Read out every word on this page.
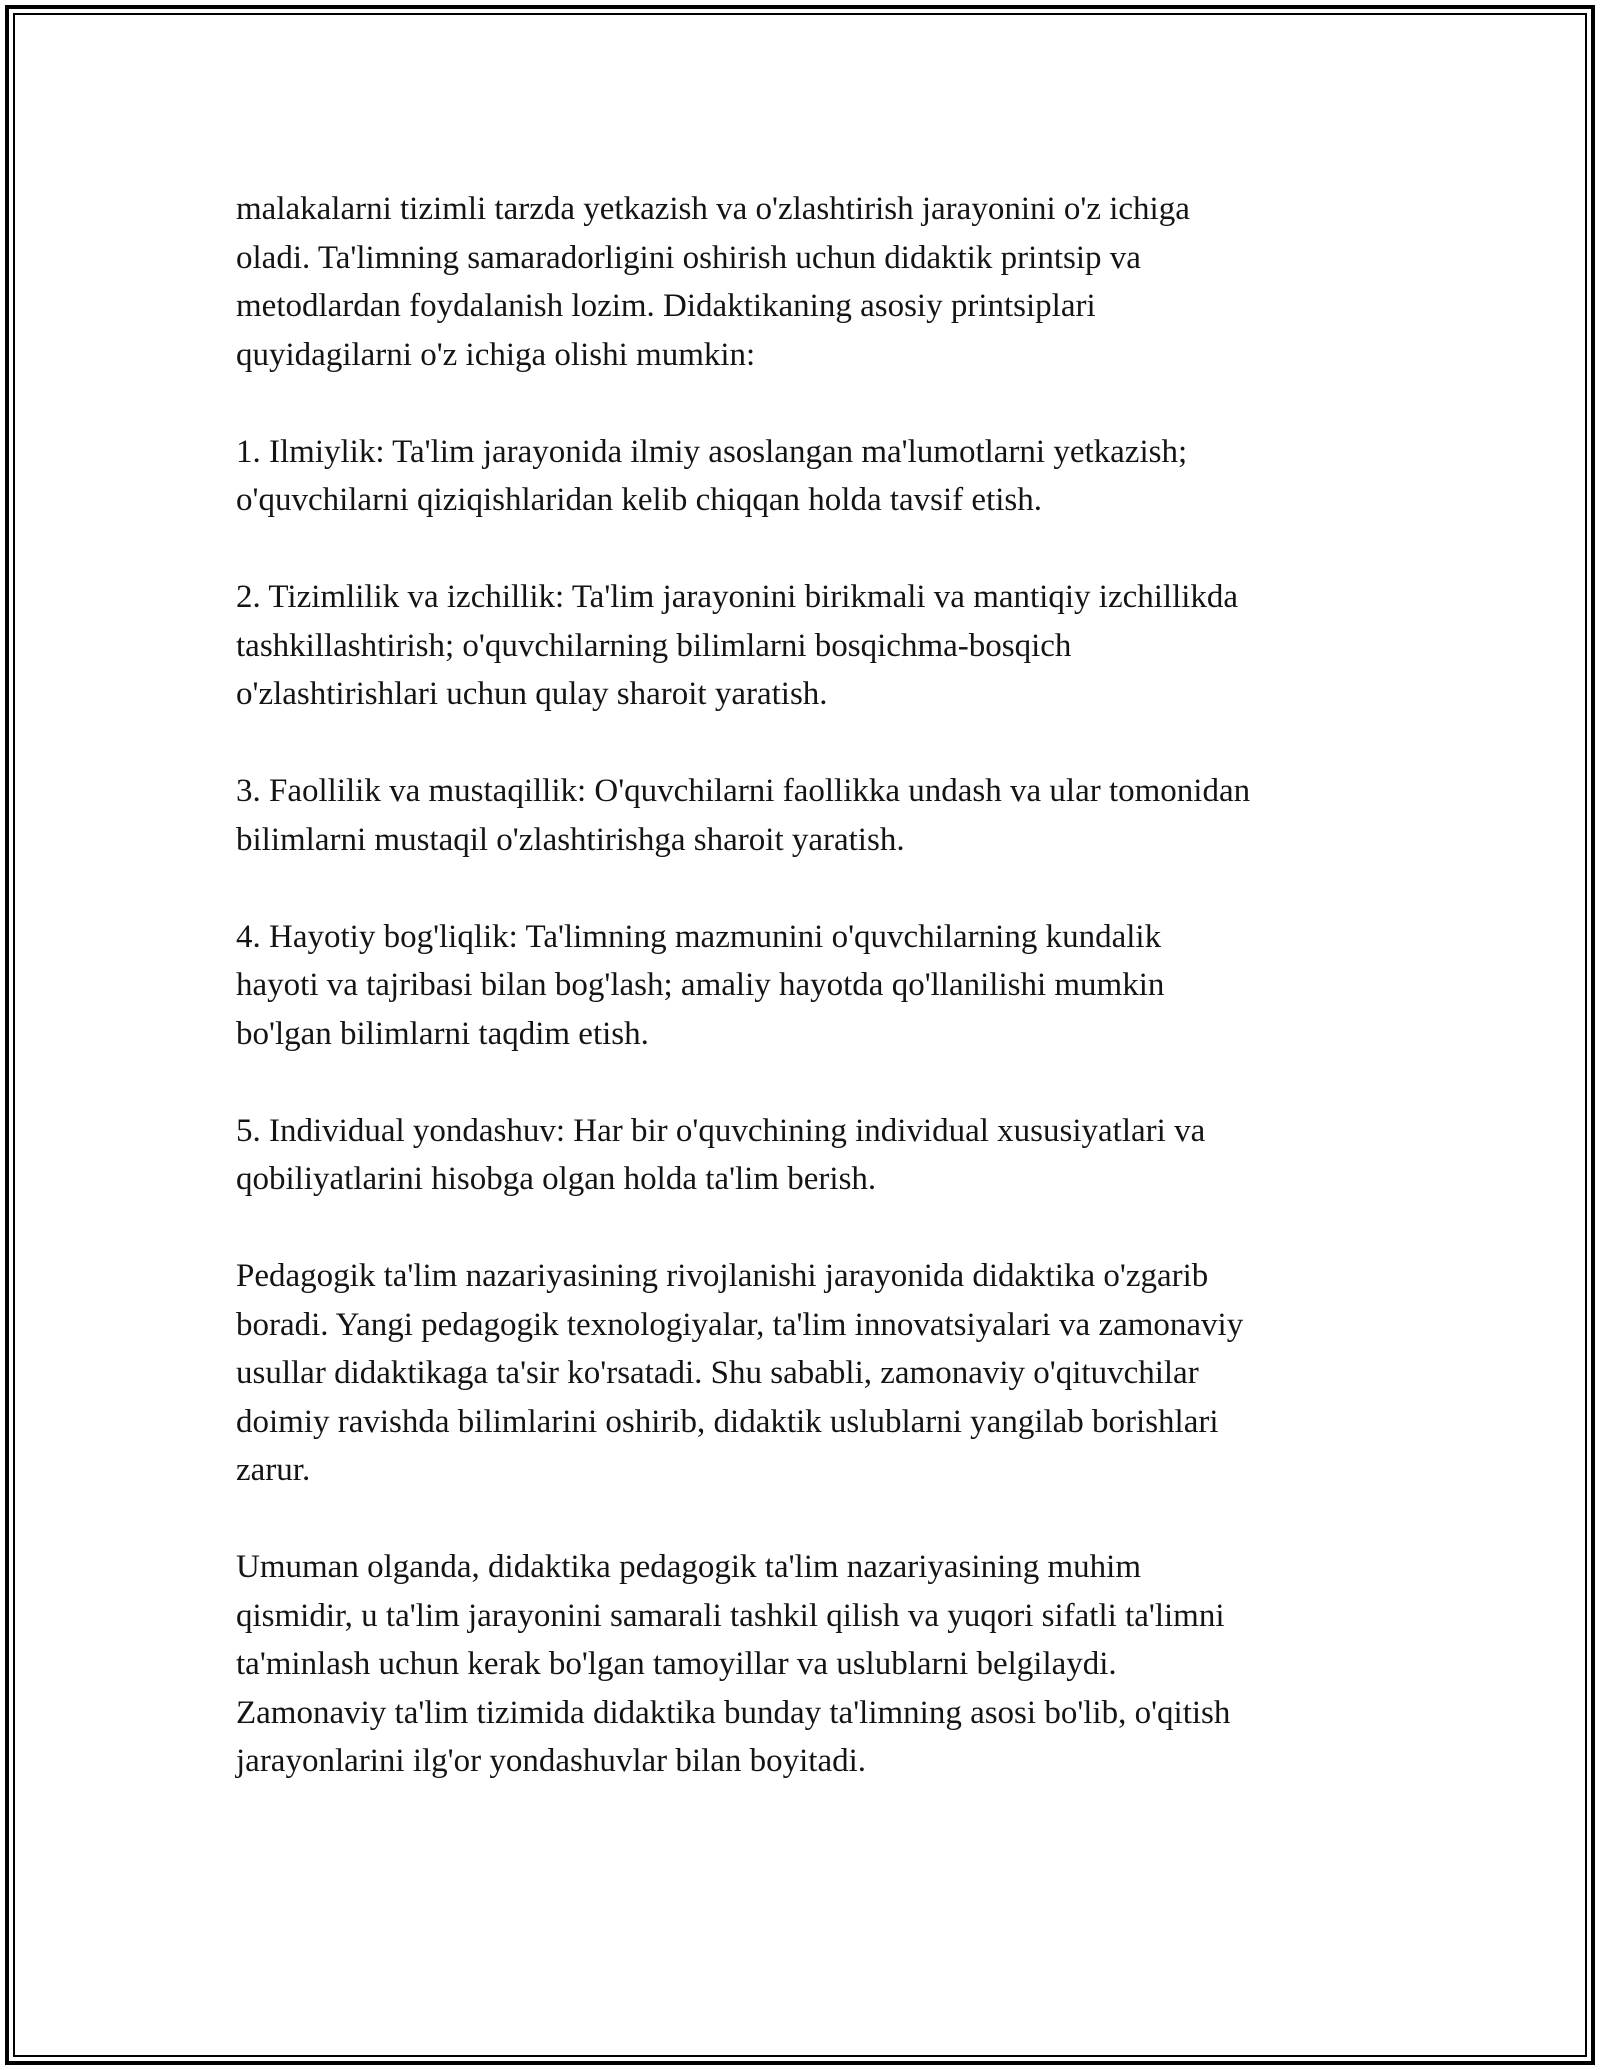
malakalarni tizimli tarzda yetkazish va o'zlashtirish jarayonini o'z ichiga
oladi. Ta'limning samaradorligini oshirish uchun didaktik printsip va
metodlardan foydalanish lozim. Didaktikaning asosiy printsiplari
quyidagilarni o'z ichiga olishi mumkin:

1. Ilmiylik: Ta'lim jarayonida ilmiy asoslangan ma'lumotlarni yetkazish;
o'quvchilarni qiziqishlaridan kelib chiqqan holda tavsif etish.

2. Tizimlilik va izchillik: Ta'lim jarayonini birikmali va mantiqiy izchillikda
tashkillashtirish; o'quvchilarning bilimlarni bosqichma-bosqich
o'zlashtirishlari uchun qulay sharoit yaratish.

3. Faollilik va mustaqillik: O'quvchilarni faollikka undash va ular tomonidan
bilimlarni mustaqil o'zlashtirishga sharoit yaratish.

4. Hayotiy bog'liqlik: Ta'limning mazmunini o'quvchilarning kundalik
hayoti va tajribasi bilan bog'lash; amaliy hayotda qo'llanilishi mumkin
bo'lgan bilimlarni taqdim etish.

5. Individual yondashuv: Har bir o'quvchining individual xususiyatlari va
qobiliyatlarini hisobga olgan holda ta'lim berish.

Pedagogik ta'lim nazariyasining rivojlanishi jarayonida didaktika o'zgarib
boradi. Yangi pedagogik texnologiyalar, ta'lim innovatsiyalari va zamonaviy
usullar didaktikaga ta'sir ko'rsatadi. Shu sababli, zamonaviy o'qituvchilar
doimiy ravishda bilimlarini oshirib, didaktik uslublarni yangilab borishlari
zarur.

Umuman olganda, didaktika pedagogik ta'lim nazariyasining muhim
qismidir, u ta'lim jarayonini samarali tashkil qilish va yuqori sifatli ta'limni
ta'minlash uchun kerak bo'lgan tamoyillar va uslublarni belgilaydi.
Zamonaviy ta'lim tizimida didaktika bunday ta'limning asosi bo'lib, o'qitish
jarayonlarini ilg'or yondashuvlar bilan boyitadi.
